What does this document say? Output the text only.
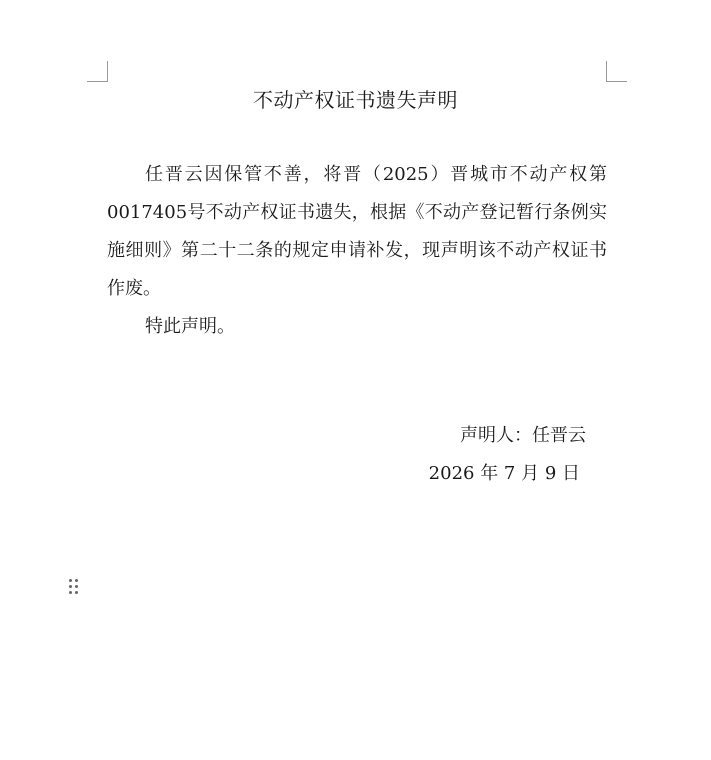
不动产权证书遗失声明

任晋云因保管不善，将晋（2025）晋城市不动产权第0017405号不动产权证书遗失，根据《不动产登记暂行条例实施细则》第二十二条的规定申请补发，现声明该不动产权证书作废。

特此声明。

声明人：任晋云
2026 年 7 月 9 日
